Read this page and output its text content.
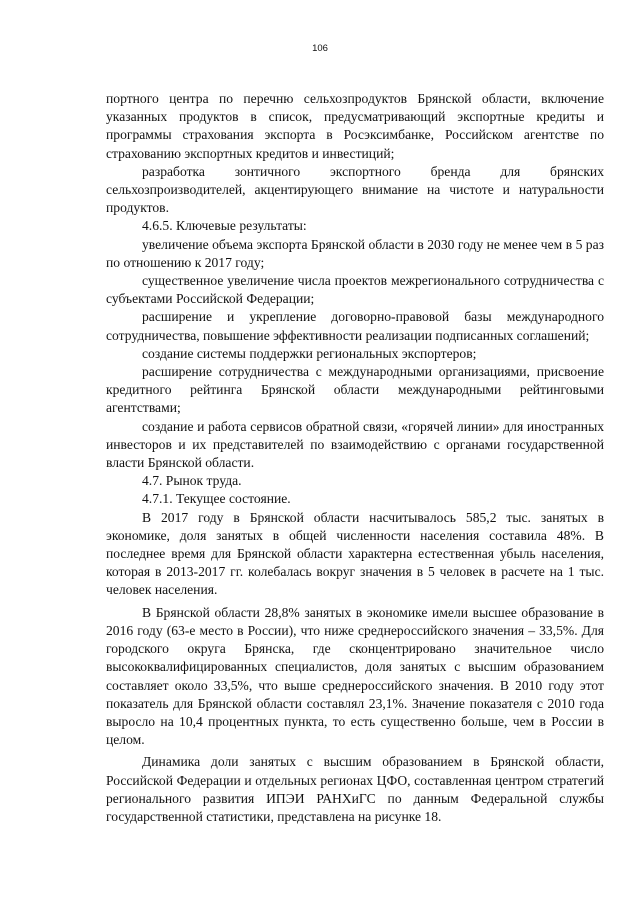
106

портного центра по перечню сельхозпродуктов Брянской области, включение указанных продуктов в список, предусматривающий экспортные кредиты и программы страхования экспорта в Росэксимбанке, Российском агентстве по страхованию экспортных кредитов и инвестиций;

разработка зонтичного экспортного бренда для брянских сельхозпроизводителей, акцентирующего внимание на чистоте и натуральности продуктов.

4.6.5. Ключевые результаты:

увеличение объема экспорта Брянской области в 2030 году не менее чем в 5 раз по отношению к 2017 году;

существенное увеличение числа проектов межрегионального сотрудничества с субъектами Российской Федерации;

расширение и укрепление договорно-правовой базы международного сотрудничества, повышение эффективности реализации подписанных соглашений;

создание системы поддержки региональных экспортеров;

расширение сотрудничества с международными организациями, присвоение кредитного рейтинга Брянской области международными рейтинговыми агентствами;

создание и работа сервисов обратной связи, «горячей линии» для иностранных инвесторов и их представителей по взаимодействию с органами государственной власти Брянской области.

4.7. Рынок труда.

4.7.1. Текущее состояние.

В 2017 году в Брянской области насчитывалось 585,2 тыс. занятых в экономике, доля занятых в общей численности населения составила 48%. В последнее время для Брянской области характерна естественная убыль населения, которая в 2013-2017 гг. колебалась вокруг значения в 5 человек в расчете на 1 тыс. человек населения.

В Брянской области 28,8% занятых в экономике имели высшее образование в 2016 году (63-е место в России), что ниже среднероссийского значения – 33,5%. Для городского округа Брянска, где сконцентрировано значительное число высококвалифицированных специалистов, доля занятых с высшим образованием составляет около 33,5%, что выше среднероссийского значения. В 2010 году этот показатель для Брянской области составлял 23,1%. Значение показателя с 2010 года выросло на 10,4 процентных пункта, то есть существенно больше, чем в России в целом.

Динамика доли занятых с высшим образованием в Брянской области, Российской Федерации и отдельных регионах ЦФО, составленная центром стратегий регионального развития ИПЭИ РАНХиГС по данным Федеральной службы государственной статистики, представлена на рисунке 18.
